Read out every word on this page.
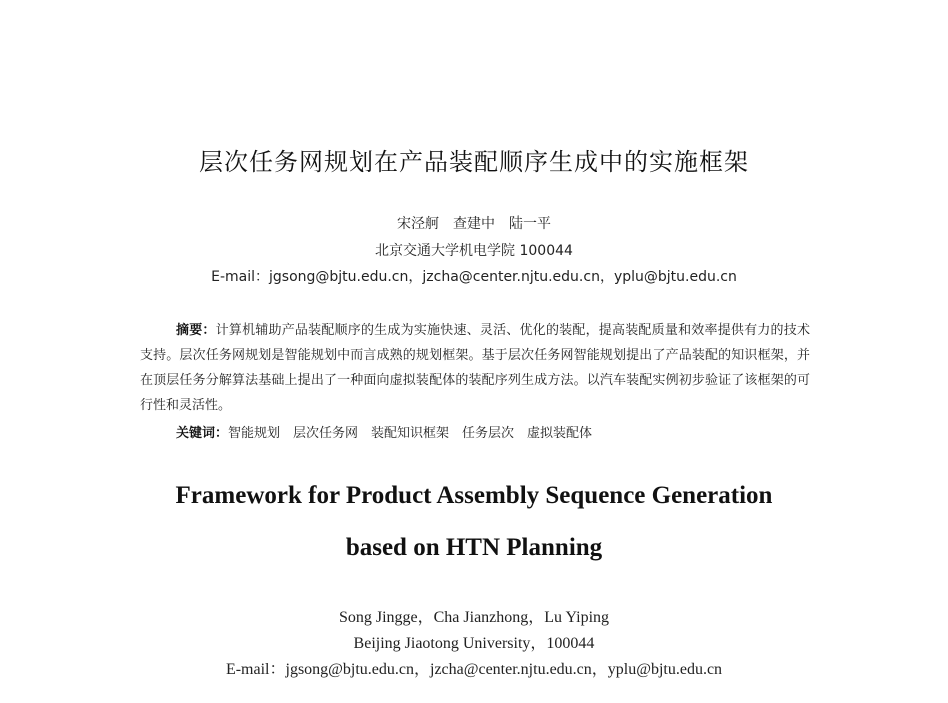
层次任务网规划在产品装配顺序生成中的实施框架
宋泾舸　查建中　陆一平
北京交通大学机电学院 100044
E-mail：jgsong@bjtu.edu.cn，jzcha@center.njtu.edu.cn，yplu@bjtu.edu.cn
摘要：计算机辅助产品装配顺序的生成为实施快速、灵活、优化的装配，提高装配质量和效率提供有力的技术支持。层次任务网规划是智能规划中而言成熟的规划框架。基于层次任务网智能规划提出了产品装配的知识框架，并在顶层任务分解算法基础上提出了一种面向虚拟装配体的装配序列生成方法。以汽车装配实例初步验证了该框架的可行性和灵活性。
关键词：智能规划　层次任务网　装配知识框架　任务层次　虚拟装配体
Framework for Product Assembly Sequence Generation
based on HTN Planning
Song Jingge，Cha Jianzhong，Lu Yiping
Beijing Jiaotong University，100044
E-mail：jgsong@bjtu.edu.cn，jzcha@center.njtu.edu.cn，yplu@bjtu.edu.cn
